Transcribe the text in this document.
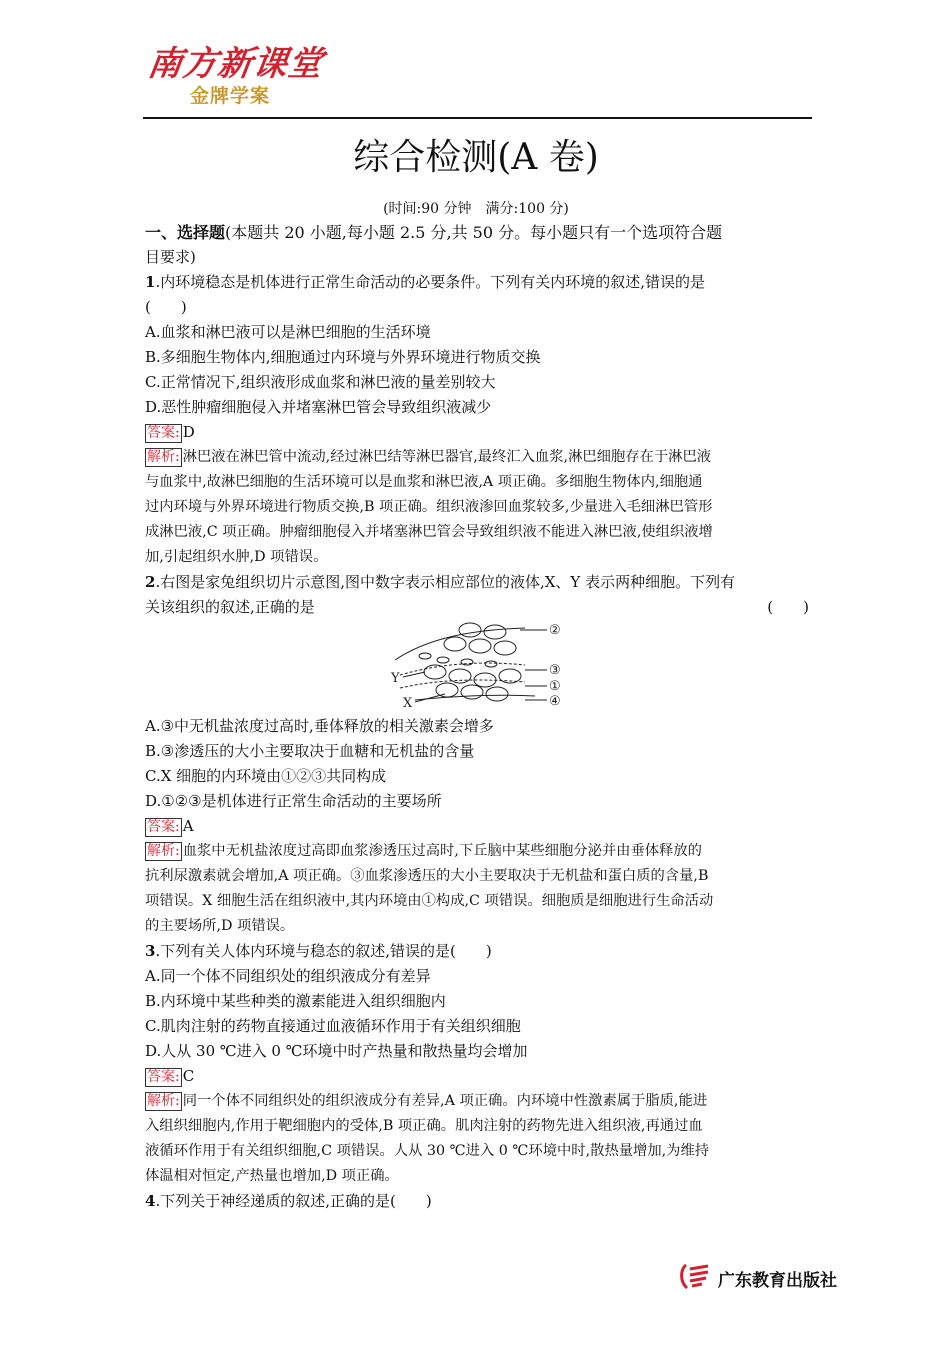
南方新课堂
金牌学案
综合检测(A 卷)
(时间:90 分钟　满分:100 分)
一、选择题(本题共 20 小题,每小题 2.5 分,共 50 分。每小题只有一个选项符合题
目要求)
1.内环境稳态是机体进行正常生命活动的必要条件。下列有关内环境的叙述,错误的是
(　　)
A.血浆和淋巴液可以是淋巴细胞的生活环境
B.多细胞生物体内,细胞通过内环境与外界环境进行物质交换
C.正常情况下,组织液形成血浆和淋巴液的量差别较大
D.恶性肿瘤细胞侵入并堵塞淋巴管会导致组织液减少
答案: D
解析: 淋巴液在淋巴管中流动,经过淋巴结等淋巴器官,最终汇入血浆,淋巴细胞存在于淋巴液
与血浆中,故淋巴细胞的生活环境可以是血浆和淋巴液,A 项正确。多细胞生物体内,细胞通
过内环境与外界环境进行物质交换,B 项正确。组织液渗回血浆较多,少量进入毛细淋巴管形
成淋巴液,C 项正确。肿瘤细胞侵入并堵塞淋巴管会导致组织液不能进入淋巴液,使组织液增
加,引起组织水肿,D 项错误。
2.右图是家兔组织切片示意图,图中数字表示相应部位的液体,X、Y 表示两种细胞。下列有
关该组织的叙述,正确的是	(　　)
②
③
①
④
Y
X
A.③中无机盐浓度过高时,垂体释放的相关激素会增多
B.③渗透压的大小主要取决于血糖和无机盐的含量
C.X 细胞的内环境由①②③共同构成
D.①②③是机体进行正常生命活动的主要场所
答案: A
解析: 血浆中无机盐浓度过高即血浆渗透压过高时,下丘脑中某些细胞分泌并由垂体释放的
抗利尿激素就会增加,A 项正确。③血浆渗透压的大小主要取决于无机盐和蛋白质的含量,B
项错误。X 细胞生活在组织液中,其内环境由①构成,C 项错误。细胞质是细胞进行生命活动
的主要场所,D 项错误。
3.下列有关人体内环境与稳态的叙述,错误的是(　　)
A.同一个体不同组织处的组织液成分有差异
B.内环境中某些种类的激素能进入组织细胞内
C.肌肉注射的药物直接通过血液循环作用于有关组织细胞
D.人从 30 ℃进入 0 ℃环境中时产热量和散热量均会增加
答案: C
解析: 同一个体不同组织处的组织液成分有差异,A 项正确。内环境中性激素属于脂质,能进
入组织细胞内,作用于靶细胞内的受体,B 项正确。肌肉注射的药物先进入组织液,再通过血
液循环作用于有关组织细胞,C 项错误。人从 30 ℃进入 0 ℃环境中时,散热量增加,为维持
体温相对恒定,产热量也增加,D 项正确。
4.下列关于神经递质的叙述,正确的是(　　)
广东教育出版社
